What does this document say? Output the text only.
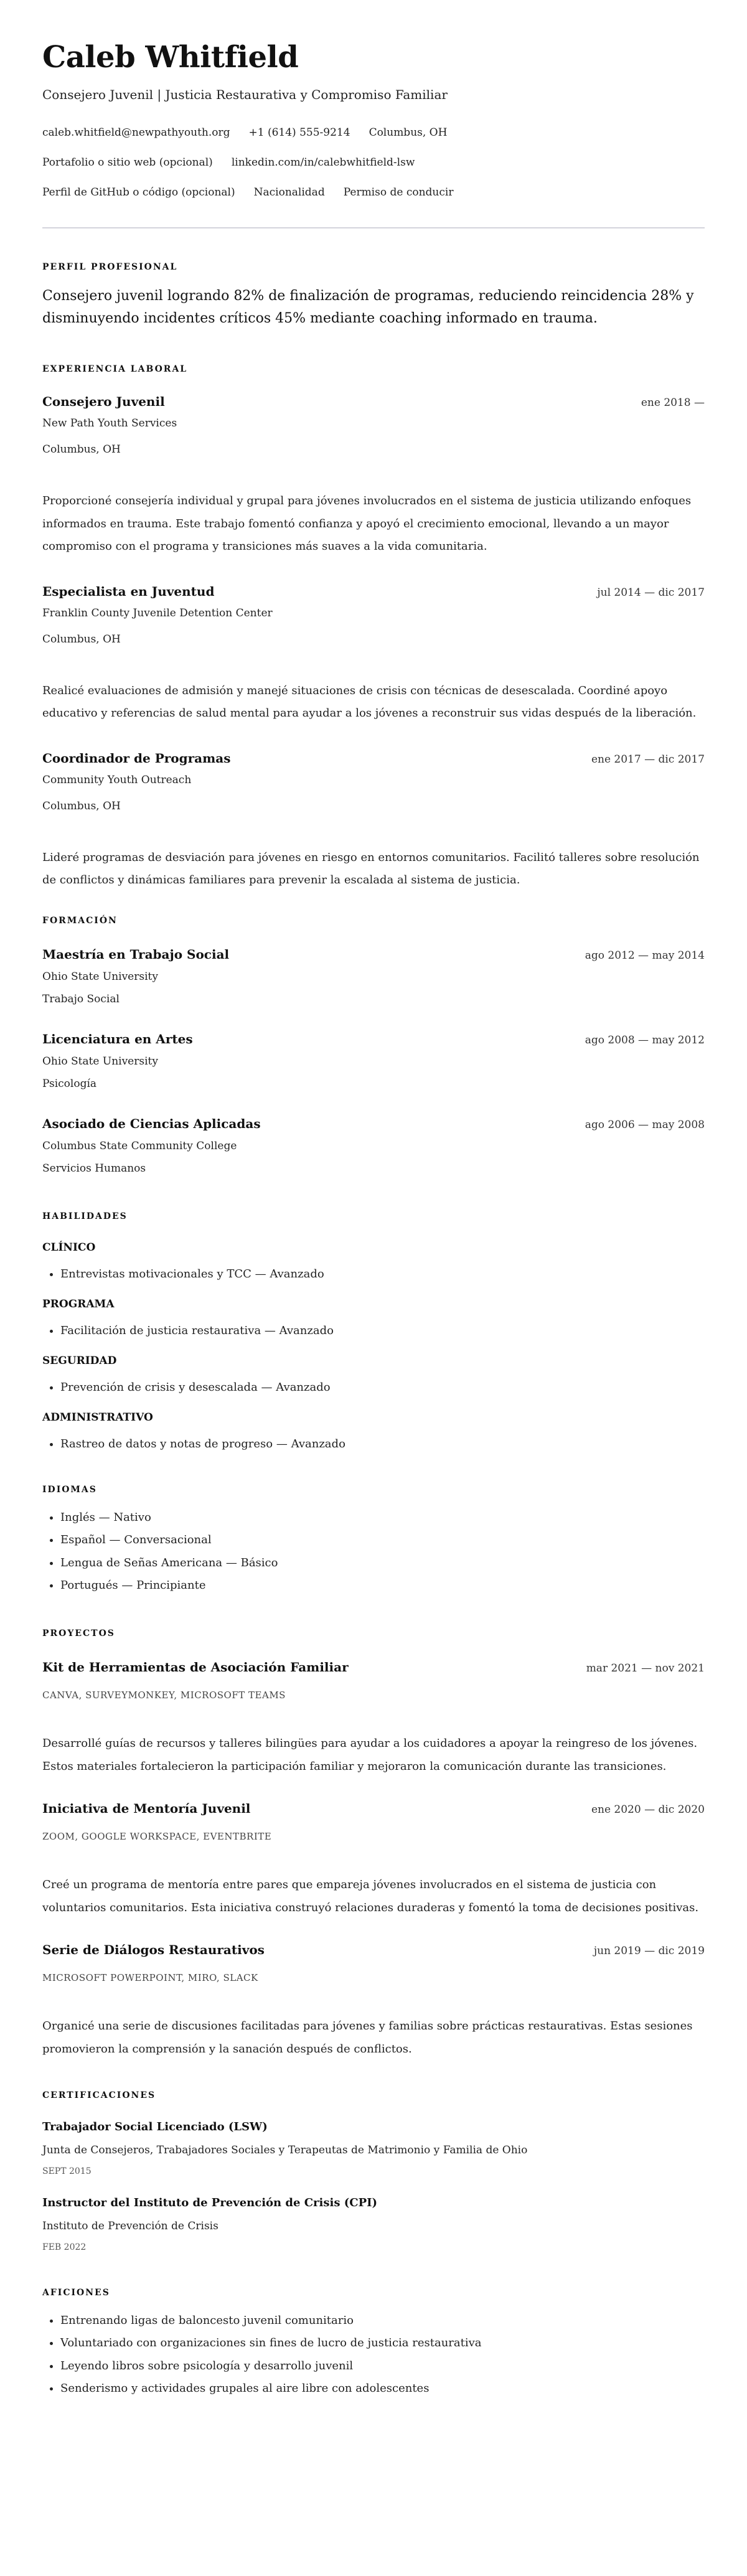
Caleb Whitfield
Consejero Juvenil | Justicia Restaurativa y Compromiso Familiar
caleb.whitfield@newpathyouth.org +1 (614) 555-9214 Columbus, OH
Portafolio o sitio web (opcional) linkedin.com/in/calebwhitfield-lsw
Perfil de GitHub o código (opcional) Nacionalidad Permiso de conducir
PERFIL PROFESIONAL
Consejero juvenil logrando 82% de finalización de programas, reduciendo reincidencia 28% y disminuyendo incidentes críticos 45% mediante coaching informado en trauma.
EXPERIENCIA LABORAL
Consejero Juvenil	ene 2018 —
New Path Youth Services
Columbus, OH
Proporcioné consejería individual y grupal para jóvenes involucrados en el sistema de justicia utilizando enfoques informados en trauma. Este trabajo fomentó confianza y apoyó el crecimiento emocional, llevando a un mayor compromiso con el programa y transiciones más suaves a la vida comunitaria.
Especialista en Juventud	jul 2014 — dic 2017
Franklin County Juvenile Detention Center
Columbus, OH
Realicé evaluaciones de admisión y manejé situaciones de crisis con técnicas de desescalada. Coordiné apoyo educativo y referencias de salud mental para ayudar a los jóvenes a reconstruir sus vidas después de la liberación.
Coordinador de Programas	ene 2017 — dic 2017
Community Youth Outreach
Columbus, OH
Lideré programas de desviación para jóvenes en riesgo en entornos comunitarios. Facilitó talleres sobre resolución de conflictos y dinámicas familiares para prevenir la escalada al sistema de justicia.
FORMACIÓN
Maestría en Trabajo Social	ago 2012 — may 2014
Ohio State University
Trabajo Social
Licenciatura en Artes	ago 2008 — may 2012
Ohio State University
Psicología
Asociado de Ciencias Aplicadas	ago 2006 — may 2008
Columbus State Community College
Servicios Humanos
HABILIDADES
CLÍNICO
• Entrevistas motivacionales y TCC — Avanzado
PROGRAMA
• Facilitación de justicia restaurativa — Avanzado
SEGURIDAD
• Prevención de crisis y desescalada — Avanzado
ADMINISTRATIVO
• Rastreo de datos y notas de progreso — Avanzado
IDIOMAS
• Inglés — Nativo
• Español — Conversacional
• Lengua de Señas Americana — Básico
• Portugués — Principiante
PROYECTOS
Kit de Herramientas de Asociación Familiar	mar 2021 — nov 2021
CANVA, SURVEYMONKEY, MICROSOFT TEAMS
Desarrollé guías de recursos y talleres bilingües para ayudar a los cuidadores a apoyar la reingreso de los jóvenes. Estos materiales fortalecieron la participación familiar y mejoraron la comunicación durante las transiciones.
Iniciativa de Mentoría Juvenil	ene 2020 — dic 2020
ZOOM, GOOGLE WORKSPACE, EVENTBRITE
Creé un programa de mentoría entre pares que empareja jóvenes involucrados en el sistema de justicia con voluntarios comunitarios. Esta iniciativa construyó relaciones duraderas y fomentó la toma de decisiones positivas.
Serie de Diálogos Restaurativos	jun 2019 — dic 2019
MICROSOFT POWERPOINT, MIRO, SLACK
Organicé una serie de discusiones facilitadas para jóvenes y familias sobre prácticas restaurativas. Estas sesiones promovieron la comprensión y la sanación después de conflictos.
CERTIFICACIONES
Trabajador Social Licenciado (LSW)
Junta de Consejeros, Trabajadores Sociales y Terapeutas de Matrimonio y Familia de Ohio
SEPT 2015
Instructor del Instituto de Prevención de Crisis (CPI)
Instituto de Prevención de Crisis
FEB 2022
AFICIONES
• Entrenando ligas de baloncesto juvenil comunitario
• Voluntariado con organizaciones sin fines de lucro de justicia restaurativa
• Leyendo libros sobre psicología y desarrollo juvenil
• Senderismo y actividades grupales al aire libre con adolescentes
